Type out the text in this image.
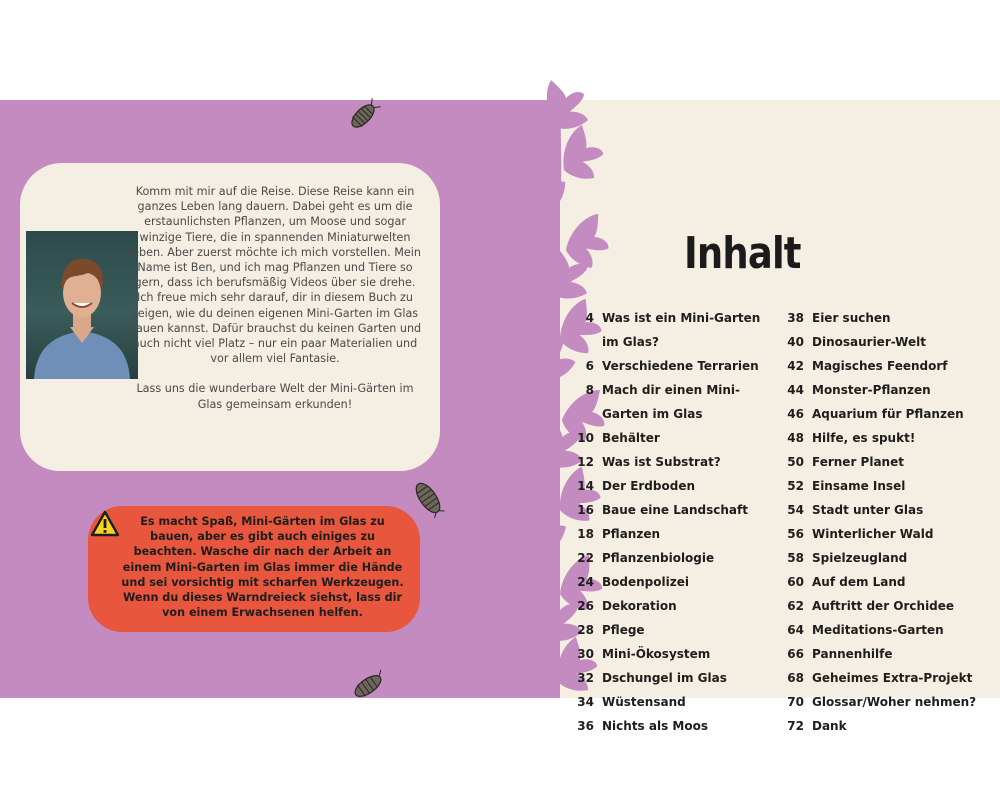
Komm mit mir auf die Reise. Diese Reise kann ein ganzes Leben lang dauern. Dabei geht es um die erstaunlichsten Pflanzen, um Moose und sogar winzige Tiere, die in spannenden Miniaturwelten leben. Aber zuerst möchte ich mich vorstellen. Mein Name ist Ben, und ich mag Pflanzen und Tiere so gern, dass ich berufsmäßig Videos über sie drehe. Ich freue mich sehr darauf, dir in diesem Buch zu zeigen, wie du deinen eigenen Mini-Garten im Glas bauen kannst. Dafür brauchst du keinen Garten und auch nicht viel Platz – nur ein paar Materialien und vor allem viel Fantasie.

Lass uns die wunderbare Welt der Mini-Gärten im Glas gemeinsam erkunden!

Es macht Spaß, Mini-Gärten im Glas zu bauen, aber es gibt auch einiges zu beachten. Wasche dir nach der Arbeit an einem Mini-Garten im Glas immer die Hände und sei vorsichtig mit scharfen Werkzeugen. Wenn du dieses Warndreieck siehst, lass dir von einem Erwachsenen helfen.

Inhalt
4 Was ist ein Mini-Garten im Glas?
6 Verschiedene Terrarien
8 Mach dir einen Mini-Garten im Glas
10 Behälter
12 Was ist Substrat?
14 Der Erdboden
16 Baue eine Landschaft
18 Pflanzen
22 Pflanzenbiologie
24 Bodenpolizei
26 Dekoration
28 Pflege
30 Mini-Ökosystem
32 Dschungel im Glas
34 Wüstensand
36 Nichts als Moos
38 Eier suchen
40 Dinosaurier-Welt
42 Magisches Feendorf
44 Monster-Pflanzen
46 Aquarium für Pflanzen
48 Hilfe, es spukt!
50 Ferner Planet
52 Einsame Insel
54 Stadt unter Glas
56 Winterlicher Wald
58 Spielzeugland
60 Auf dem Land
62 Auftritt der Orchidee
64 Meditations-Garten
66 Pannenhilfe
68 Geheimes Extra-Projekt
70 Glossar/Woher nehmen?
72 Dank
